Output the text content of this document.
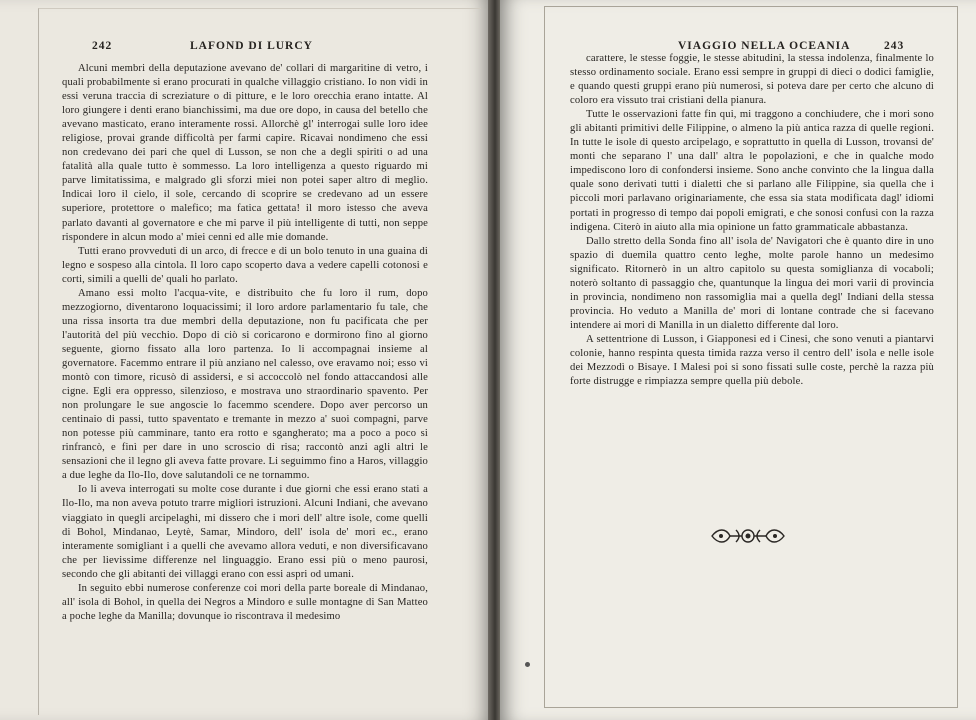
242	LAFOND DI LURCY

Alcuni membri della deputazione avevano de' collari di margaritine di vetro, i quali probabilmente si erano procurati in qualche villaggio cristiano. Io non vidi in essi veruna traccia di screziature o di pitture, e le loro orecchia erano intatte. Al loro giungere i denti erano bianchissimi, ma due ore dopo, in causa del betello che avevano masticato, erano interamente rossi. Allorchè gl' interrogai sulle loro idee religiose, provai grande difficoltà per farmi capire. Ricavai nondimeno che essi non credevano dei pari che quel di Lusson, se non che a degli spiriti o ad una fatalità alla quale tutto è sommesso. La loro intelligenza a questo riguardo mi parve limitatissima, e malgrado gli sforzi miei non potei saper altro di meglio. Indicai loro il cielo, il sole, cercando di scoprire se credevano ad un essere superiore, protettore o malefico; ma fatica gettata! il moro istesso che aveva parlato davanti al governatore e che mi parve il più intelligente di tutti, non seppe rispondere in alcun modo a' miei cenni ed alle mie domande.

Tutti erano provveduti di un arco, di frecce e di un bolo tenuto in una guaina di legno e sospeso alla cintola. Il loro capo scoperto dava a vedere capelli cotonosi e corti, simili a quelli de' quali ho parlato.

Amano essi molto l'acqua-vite, e distribuito che fu loro il rum, dopo mezzogiorno, diventarono loquacissimi; il loro ardore parlamentario fu tale, che una rissa insorta tra due membri della deputazione, non fu pacificata che per l'autorità del più vecchio. Dopo di ciò si coricarono e dormirono fino al giorno seguente, giorno fissato alla loro partenza. Io li accompagnai insieme al governatore. Facemmo entrare il più anziano nel calesso, ove eravamo noi; esso vi montò con timore, ricusò di assidersi, e si accoccolò nel fondo attaccandosi alle cigne. Egli era oppresso, silenzioso, e mostrava uno straordinario spavento. Per non prolungare le sue angoscie lo facemmo scendere. Dopo aver percorso un centinaio di passi, tutto spaventato e tremante in mezzo a' suoi compagni, parve non potesse più camminare, tanto era rotto e sgangherato; ma a poco a poco si rinfrancò, e finì per dare in uno scroscio di risa; raccontò anzi agli altri le sensazioni che il legno gli aveva fatte provare. Li seguimmo fino a Haros, villaggio a due leghe da Ilo-Ilo, dove salutandoli ce ne tornammo.

Io li aveva interrogati su molte cose durante i due giorni che essi erano stati a Ilo-Ilo, ma non aveva potuto trarre migliori istruzioni. Alcuni Indiani, che avevano viaggiato in quegli arcipelaghi, mi dissero che i mori dell' altre isole, come quelli di Bohol, Mindanao, Leytè, Samar, Mindoro, dell' isola de' mori ec., erano interamente somigliant i a quelli che avevamo allora veduti, e non diversificavano che per lievissime differenze nel linguaggio. Erano essi più o meno paurosi, secondo che gli abitanti dei villaggi erano con essi aspri od umani.

In seguito ebbi numerose conferenze coi mori della parte boreale di Mindanao, all' isola di Bohol, in quella dei Negros a Mindoro e sulle montagne di San Matteo a poche leghe da Manilla; dovunque io riscontrava il medesimo

VIAGGIO NELLA OCEANIA	243

carattere, le stesse foggie, le stesse abitudini, la stessa indolenza, finalmente lo stesso ordinamento sociale. Erano essi sempre in gruppi di dieci o dodici famiglie, e quando questi gruppi erano più numerosi, si poteva dare per certo che alcuno di coloro era vissuto trai cristiani della pianura.

Tutte le osservazioni fatte fin qui, mi traggono a conchiudere, che i mori sono gli abitanti primitivi delle Filippine, o almeno la più antica razza di quelle regioni. In tutte le isole di questo arcipelago, e soprattutto in quella di Lusson, trovansi de' monti che separano l' una dall' altra le popolazioni, e che in qualche modo impediscono loro di confondersi insieme. Sono anche convinto che la lingua dalla quale sono derivati tutti i dialetti che si parlano alle Filippine, sia quella che i piccoli mori parlavano originariamente, che essa sia stata modificata dagl' idiomi portati in progresso di tempo dai popoli emigrati, e che sonosi confusi con la razza indigena. Citerò in aiuto alla mia opinione un fatto grammaticale abbastanza.

Dallo stretto della Sonda fino all' isola de' Navigatori che è quanto dire in uno spazio di duemila quattro cento leghe, molte parole hanno un medesimo significato. Ritornerò in un altro capitolo su questa somiglianza di vocaboli; noterò soltanto di passaggio che, quantunque la lingua dei mori varii di provincia in provincia, nondimeno non rassomiglia mai a quella degl' Indiani della stessa provincia. Ho veduto a Manilla de' mori di lontane contrade che si facevano intendere ai mori di Manilla in un dialetto differente dal loro.

A settentrione di Lusson, i Giapponesi ed i Cinesi, che sono venuti a piantarvi colonie, hanno respinta questa timida razza verso il centro dell' isola e nelle isole dei Mezzodì o Bisaye. I Malesi poi si sono fissati sulle coste, perchè la razza più forte distrugge e rimpiazza sempre quella più debole.
